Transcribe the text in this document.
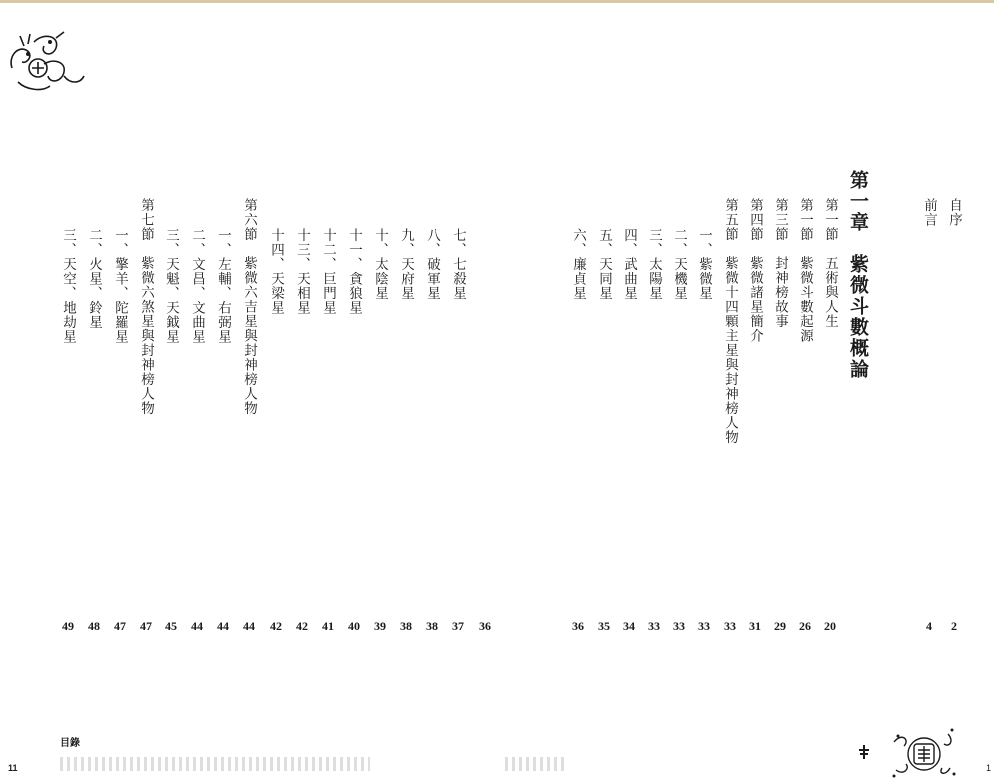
自序
2
前言
4
第一章　紫微斗數概論
第一節　五術與人生
20
第一節　紫微斗數起源
26
第三節　封神榜故事
29
第四節　紫微諸星簡介
31
第五節　紫微十四顆主星與封神榜人物
33
一、紫微星
33
二、天機星
33
三、太陽星
33
四、武曲星
34
五、天同星
35
六、廉貞星
36
36
七、七殺星
37
八、破軍星
38
九、天府星
38
十、太陰星
39
十一、貪狼星
40
十二、巨門星
41
十三、天相星
42
十四、天梁星
42
第六節　紫微六吉星與封神榜人物
44
一、左輔、右弼星
44
二、文昌、文曲星
44
三、天魁、天鉞星
45
第七節　紫微六煞星與封神榜人物
47
一、擎羊、陀羅星
47
二、火星、鈴星
48
三、天空、地劫星
49
目錄
11	1
